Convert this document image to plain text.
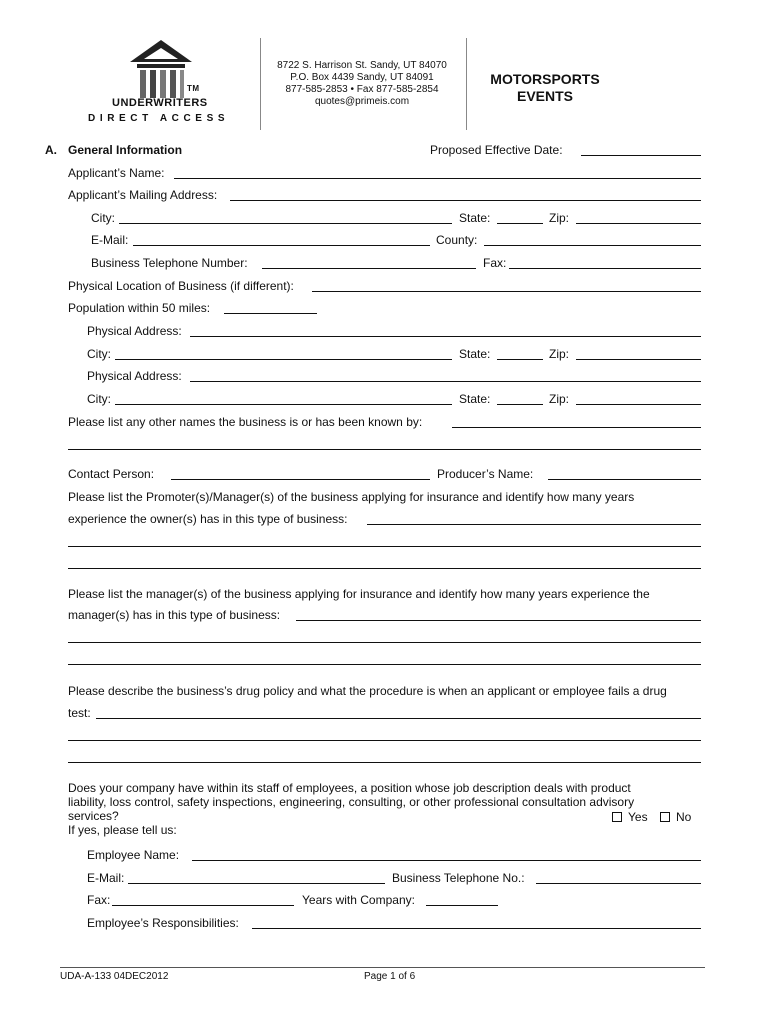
TM
UNDERWRITERS
DIRECT ACCESS
8722 S. Harrison St. Sandy, UT 84070
P.O. Box 4439 Sandy, UT 84091
877-585-2853 • Fax 877-585-2854
quotes@primeis.com
MOTORSPORTS
EVENTS
A. General Information	Proposed Effective Date:
Applicant’s Name:
Applicant’s Mailing Address:
City:	State:	Zip:
E-Mail:	County:
Business Telephone Number:	Fax:
Physical Location of Business (if different):
Population within 50 miles:
Physical Address:
City:	State:	Zip:
Physical Address:
City:	State:	Zip:
Please list any other names the business is or has been known by:
Contact Person:	Producer’s Name:
Please list the Promoter(s)/Manager(s) of the business applying for insurance and identify how many years
experience the owner(s) has in this type of business:
Please list the manager(s) of the business applying for insurance and identify how many years experience the
manager(s) has in this type of business:
Please describe the business’s drug policy and what the procedure is when an applicant or employee fails a drug
test:
Does your company have within its staff of employees, a position whose job description deals with product
liability, loss control, safety inspections, engineering, consulting, or other professional consultation advisory
services?
If yes, please tell us:
Yes No
Employee Name:
E-Mail:	Business Telephone No.:
Fax:	Years with Company:
Employee’s Responsibilities:
UDA-A-133 04DEC2012	Page 1 of 6
